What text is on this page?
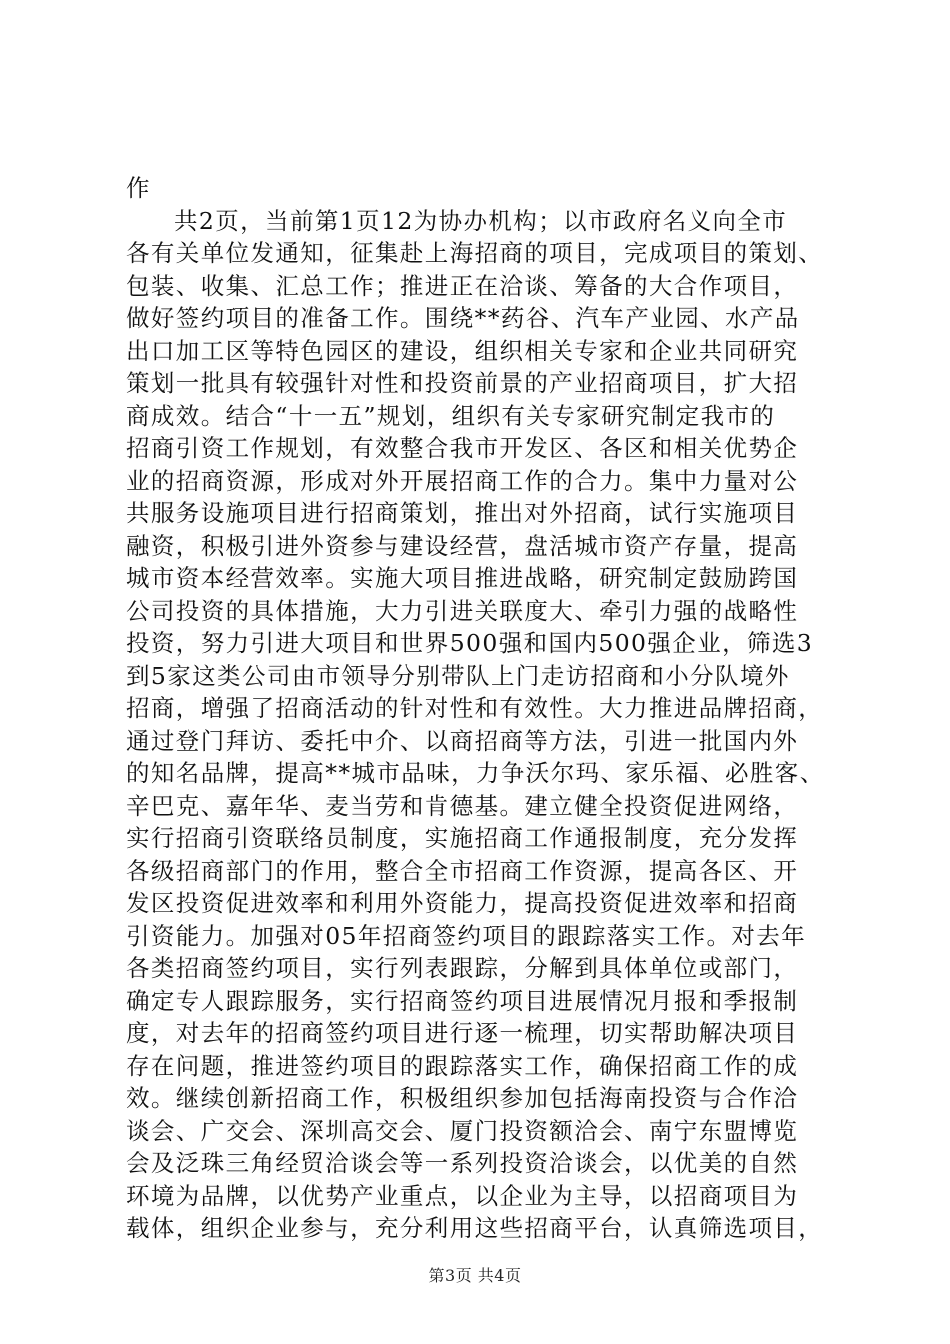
作
共2页，当前第1页12为协办机构；以市政府名义向全市
各有关单位发通知，征集赴上海招商的项目，完成项目的策划、
包装、收集、汇总工作；推进正在洽谈、筹备的大合作项目，
做好签约项目的准备工作。围绕**药谷、汽车产业园、水产品
出口加工区等特色园区的建设，组织相关专家和企业共同研究
策划一批具有较强针对性和投资前景的产业招商项目，扩大招
商成效。结合“十一五”规划，组织有关专家研究制定我市的
招商引资工作规划，有效整合我市开发区、各区和相关优势企
业的招商资源，形成对外开展招商工作的合力。集中力量对公
共服务设施项目进行招商策划，推出对外招商，试行实施项目
融资，积极引进外资参与建设经营，盘活城市资产存量，提高
城市资本经营效率。实施大项目推进战略，研究制定鼓励跨国
公司投资的具体措施，大力引进关联度大、牵引力强的战略性
投资，努力引进大项目和世界500强和国内500强企业，筛选3
到5家这类公司由市领导分别带队上门走访招商和小分队境外
招商，增强了招商活动的针对性和有效性。大力推进品牌招商，
通过登门拜访、委托中介、以商招商等方法，引进一批国内外
的知名品牌，提高**城市品味，力争沃尔玛、家乐福、必胜客、
辛巴克、嘉年华、麦当劳和肯德基。建立健全投资促进网络，
实行招商引资联络员制度，实施招商工作通报制度，充分发挥
各级招商部门的作用，整合全市招商工作资源，提高各区、开
发区投资促进效率和利用外资能力，提高投资促进效率和招商
引资能力。加强对05年招商签约项目的跟踪落实工作。对去年
各类招商签约项目，实行列表跟踪，分解到具体单位或部门，
确定专人跟踪服务，实行招商签约项目进展情况月报和季报制
度，对去年的招商签约项目进行逐一梳理，切实帮助解决项目
存在问题，推进签约项目的跟踪落实工作，确保招商工作的成
效。继续创新招商工作，积极组织参加包括海南投资与合作洽
谈会、广交会、深圳高交会、厦门投资额洽会、南宁东盟博览
会及泛珠三角经贸洽谈会等一系列投资洽谈会，以优美的自然
环境为品牌，以优势产业重点，以企业为主导，以招商项目为
载体，组织企业参与，充分利用这些招商平台，认真筛选项目，
第3页 共4页
